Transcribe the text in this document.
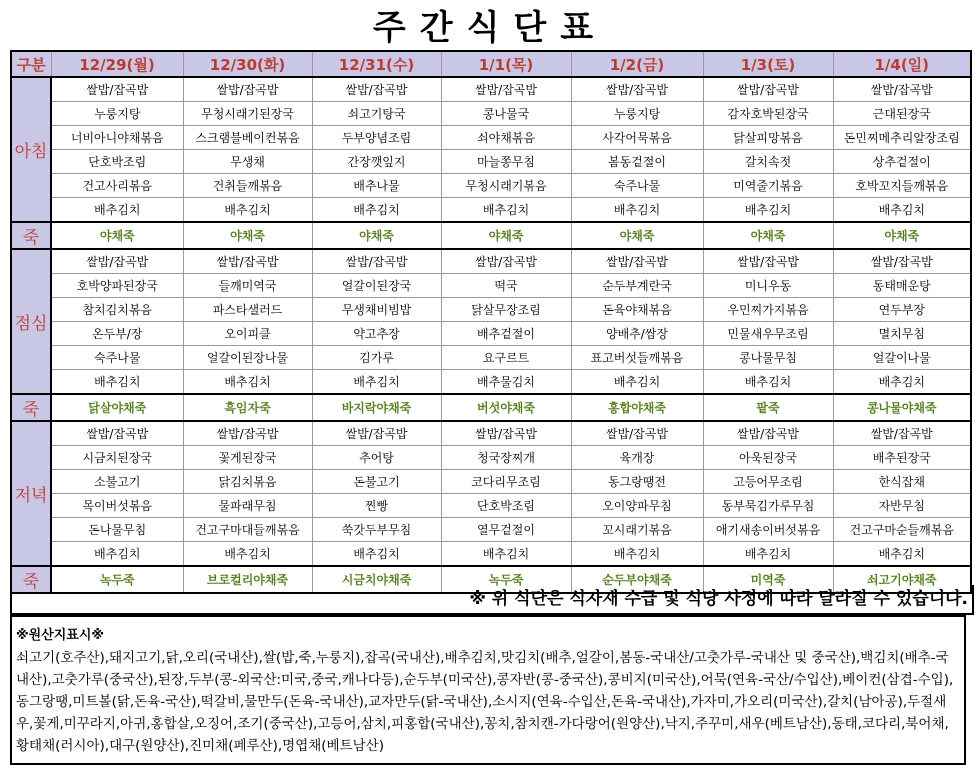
주간식단표
구분	12/29(월)	12/30(화)	12/31(수)	1/1(목)	1/2(금)	1/3(토)	1/4(일)
아침	쌀밥/잡곡밥	쌀밥/잡곡밥	쌀밥/잡곡밥	쌀밥/잡곡밥	쌀밥/잡곡밥	쌀밥/잡곡밥	쌀밥/잡곡밥
	누룽지탕	무청시래기된장국	쇠고기탕국	콩나물국	누룽지탕	감자호박된장국	근대된장국
	너비아니야채볶음	스크램블베이컨볶음	두부양념조림	쇠야채볶음	사각어묵볶음	닭살피망볶음	돈민찌메추리알장조림
	단호박조림	무생채	간장깻잎지	마늘쫑무침	봄동겉절이	갈치속젓	상추겉절이
	건고사리볶음	건취들깨볶음	배추나물	무청시래기볶음	숙주나물	미역줄기볶음	호박꼬지들깨볶음
	배추김치	배추김치	배추김치	배추김치	배추김치	배추김치	배추김치
죽	야채죽	야채죽	야채죽	야채죽	야채죽	야채죽	야채죽
점심	쌀밥/잡곡밥	쌀밥/잡곡밥	쌀밥/잡곡밥	쌀밥/잡곡밥	쌀밥/잡곡밥	쌀밥/잡곡밥	쌀밥/잡곡밥
	호박양파된장국	들깨미역국	얼갈이된장국	떡국	순두부계란국	미니우동	동태매운탕
	참치김치볶음	파스타샐러드	무생채비빔밥	닭살무장조림	돈육야채볶음	우민찌가지볶음	연두부장
	온두부/장	오이피클	약고추장	배추겉절이	양배추/쌈장	민물새우무조림	멸치무침
	숙주나물	얼갈이된장나물	김가루	요구르트	표고버섯들깨볶음	콩나물무침	얼갈이나물
	배추김치	배추김치	배추김치	배추물김치	배추김치	배추김치	배추김치
죽	닭살야채죽	흑임자죽	바지락야채죽	버섯야채죽	홍합야채죽	팥죽	콩나물야채죽
저녁	쌀밥/잡곡밥	쌀밥/잡곡밥	쌀밥/잡곡밥	쌀밥/잡곡밥	쌀밥/잡곡밥	쌀밥/잡곡밥	쌀밥/잡곡밥
	시금치된장국	꽃게된장국	추어탕	청국장찌개	육개장	아욱된장국	배추된장국
	소불고기	닭김치볶음	돈불고기	코다리무조림	동그랑땡전	고등어무조림	한식잡채
	목이버섯볶음	물파래무침	찐빵	단호박조림	오이양파무침	동부묵김가루무침	자반무침
	돈나물무침	건고구마대들깨볶음	쑥갓두부무침	열무겉절이	꼬시래기볶음	애기새송이버섯볶음	건고구마순들깨볶음
	배추김치	배추김치	배추김치	배추김치	배추김치	배추김치	배추김치
죽	녹두죽	브로컬리야채죽	시금치야채죽	녹두죽	순두부야채죽	미역죽	쇠고기야채죽
※ 위 식단은 식자재 수급 및 식당 사정에 따라 달라질 수 있습니다.
※원산지표시※
쇠고기(호주산),돼지고기,닭,오리(국내산),쌀(밥,죽,누룽지),잡곡(국내산),배추김치,맛김치(배추,얼갈이,봄동-국내산/고춧가루-국내산 및 중국산),백김치(배추-국내산),고춧가루(중국산),된장,두부(콩-외국산:미국,중국,캐나다등),순두부(미국산),콩자반(콩-중국산),콩비지(미국산),어묵(연육-국산/수입산),베이컨(삼겹-수입),동그랑땡,미트볼(닭,돈육-국산),떡갈비,물만두(돈육-국내산),교자만두(닭-국내산),소시지(연육-수입산,돈육-국내산),가자미,가오리(미국산),갈치(남아공),두절새우,꽃게,미꾸라지,아귀,홍합살,오징어,조기(중국산),고등어,삼치,피홍합(국내산),꽁치,참치캔-가다랑어(원양산),낙지,주꾸미,새우(베트남산),동태,코다리,북어채,황태채(러시아),대구(원양산),진미채(페루산),명엽채(베트남산)
